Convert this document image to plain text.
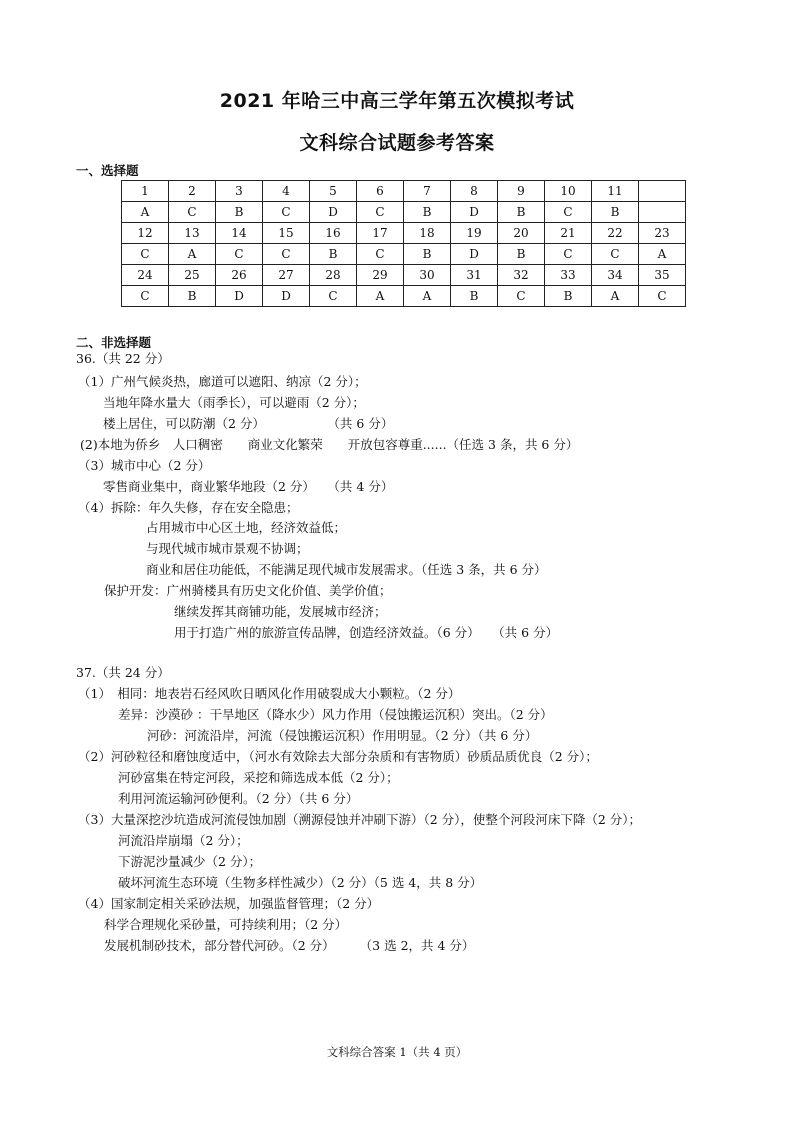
2021 年哈三中高三学年第五次模拟考试
文科综合试题参考答案
一、选择题
1	2	3	4	5	6	7	8	9	10	11	
A	C	B	C	D	C	B	D	B	C	B	
12	13	14	15	16	17	18	19	20	21	22	23
C	A	C	C	B	C	B	D	B	C	C	A
24	25	26	27	28	29	30	31	32	33	34	35
C	B	D	D	C	A	A	B	C	B	A	C
二、非选择题
36.（共 22 分）
（1）广州气候炎热，廊道可以遮阳、纳凉（2 分）；
当地年降水量大（雨季长），可以避雨（2 分）；
楼上居住，可以防潮（2 分）　　　　　　（共 6 分）
(2)本地为侨乡　人口稠密　　商业文化繁荣　　开放包容尊重......（任选 3 条，共 6 分）
（3）城市中心（2 分）
零售商业集中，商业繁华地段（2 分）　　（共 4 分）
（4）拆除：年久失修，存在安全隐患；
占用城市中心区土地，经济效益低；
与现代城市城市景观不协调；
商业和居住功能低，不能满足现代城市发展需求。（任选 3 条，共 6 分）
保护开发：广州骑楼具有历史文化价值、美学价值；
继续发挥其商铺功能，发展城市经济；
用于打造广州的旅游宣传品牌，创造经济效益。（6 分）　　（共 6 分）
37.（共 24 分）
（1）　相同：地表岩石经风吹日晒风化作用破裂成大小颗粒。（2 分）
差异：沙漠砂 ：干旱地区（降水少）风力作用（侵蚀搬运沉积）突出。（2 分）
河砂：河流沿岸，河流（侵蚀搬运沉积）作用明显。（2 分）（共 6 分）
（2）河砂粒径和磨蚀度适中，（河水有效除去大部分杂质和有害物质）砂质品质优良（2 分）；
河砂富集在特定河段，采挖和筛选成本低（2 分）；
利用河流运输河砂便利。（2 分）（共 6 分）
（3）大量深挖沙坑造成河流侵蚀加剧（溯源侵蚀并冲刷下游）（2 分），使整个河段河床下降（2 分）；
河流沿岸崩塌（2 分）；
下游泥沙量减少（2 分）；
破坏河流生态环境（生物多样性减少）（2 分）（5 选 4，共 8 分）
（4）国家制定相关采砂法规，加强监督管理；（2 分）
科学合理规化采砂量，可持续利用；（2 分）
发展机制砂技术，部分替代河砂。（2 分）　　　（3 选 2，共 4 分）
文科综合答案 1（共 4 页）
